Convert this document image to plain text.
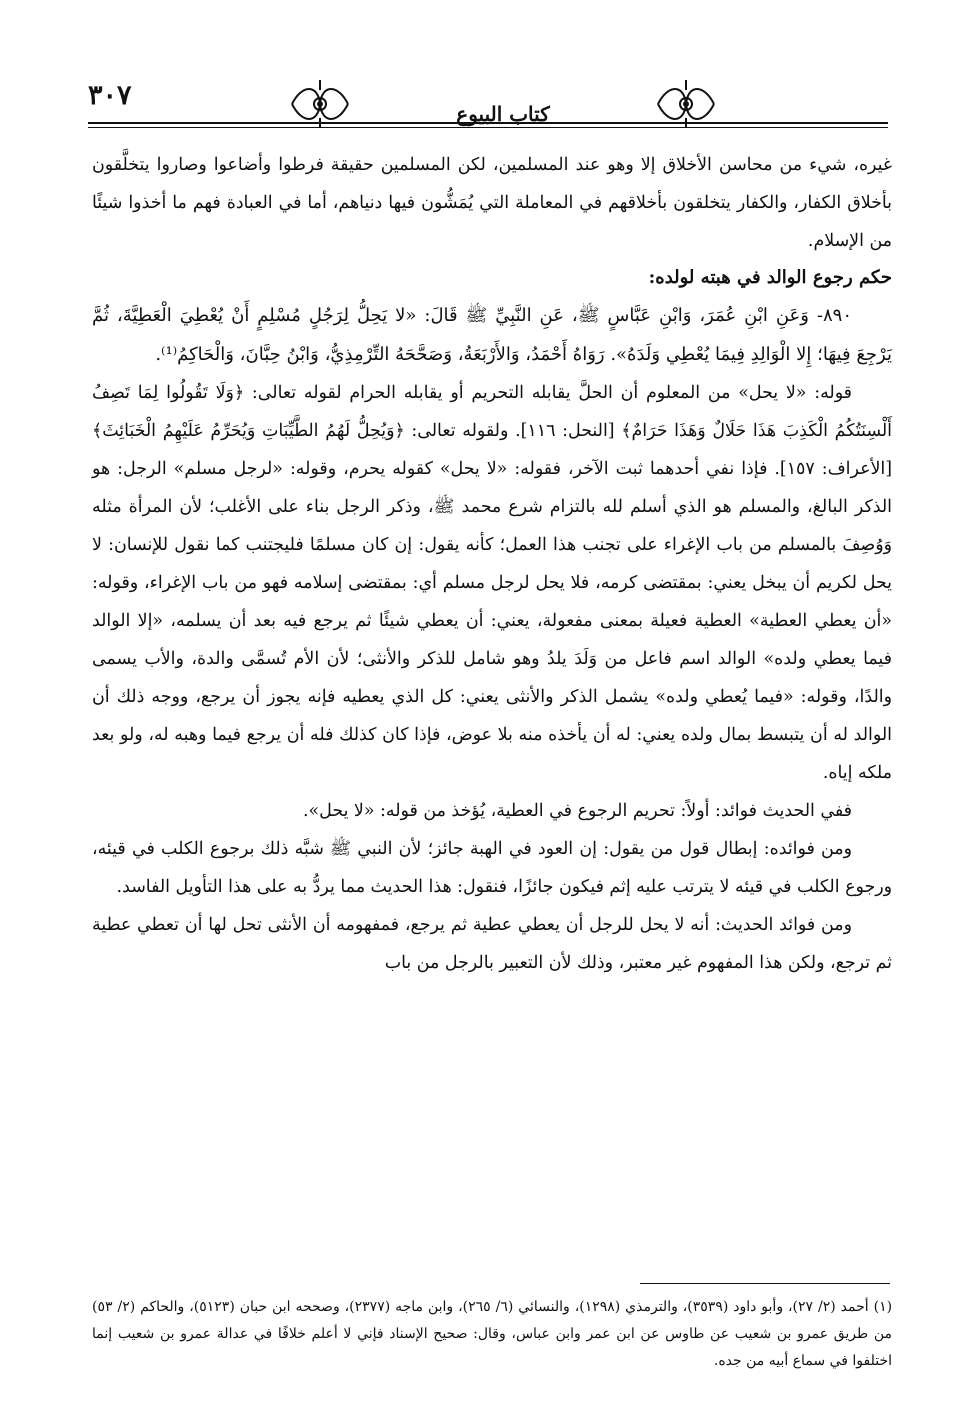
٣٠٧
كتاب البيوع

غيره، شيء من محاسن الأخلاق إلا وهو عند المسلمين، لكن المسلمين حقيقة فرطوا وأضاعوا وصاروا يتخلَّقون بأخلاق الكفار، والكفار يتخلقون بأخلاقهم في المعاملة التي يُمَشُّون فيها دنياهم، أما في العبادة فهم ما أخذوا شيئًا من الإسلام.

حكم رجوع الوالد في هبته لولده:

٨٩٠- وَعَنِ ابْنِ عُمَرَ، وَابْنِ عَبَّاسٍ ﷺ، عَنِ النَّبِيِّ ﷺ قَالَ: «لا يَحِلُّ لِرَجُلٍ مُسْلِمٍ أَنْ يُعْطِيَ الْعَطِيَّةَ، ثُمَّ يَرْجِعَ فِيهَا؛ إِلا الْوَالِدِ فِيمَا يُعْطِي وَلَدَهُ». رَوَاهُ أَحْمَدُ، وَالأَرْبَعَةُ، وَصَحَّحَهُ التِّرْمِذِيُّ، وَابْنُ حِبَّانَ، وَالْحَاكِمُ⁽¹⁾.

قوله: «لا يحل» من المعلوم أن الحلَّ يقابله التحريم أو يقابله الحرام لقوله تعالى: ﴿وَلَا تَقُولُوا لِمَا تَصِفُ أَلْسِنَتُكُمُ الْكَذِبَ هَذَا حَلَالٌ وَهَذَا حَرَامٌ﴾ [النحل: ١١٦]. ولقوله تعالى: ﴿وَيُحِلُّ لَهُمُ الطَّيِّبَاتِ وَيُحَرِّمُ عَلَيْهِمُ الْخَبَائِثَ﴾ [الأعراف: ١٥٧]. فإذا نفي أحدهما ثبت الآخر، فقوله: «لا يحل» كقوله يحرم، وقوله: «لرجل مسلم» الرجل: هو الذكر البالغ، والمسلم هو الذي أسلم لله بالتزام شرع محمد ﷺ، وذكر الرجل بناء على الأغلب؛ لأن المرأة مثله وَوُصِفَ بالمسلم من باب الإغراء على تجنب هذا العمل؛ كأنه يقول: إن كان مسلمًا فليجتنب كما نقول للإنسان: لا يحل لكريم أن يبخل يعني: بمقتضى كرمه، فلا يحل لرجل مسلم أي: بمقتضى إسلامه فهو من باب الإغراء، وقوله: «أن يعطي العطية» العطية فعيلة بمعنى مفعولة، يعني: أن يعطي شيئًا ثم يرجع فيه بعد أن يسلمه، «إلا الوالد فيما يعطي ولده» الوالد اسم فاعل من وَلَدَ يلدُ وهو شامل للذكر والأنثى؛ لأن الأم تُسمَّى والدة، والأب يسمى والدًا، وقوله: «فيما يُعطي ولده» يشمل الذكر والأنثى يعني: كل الذي يعطيه فإنه يجوز أن يرجع، ووجه ذلك أن الوالد له أن يتبسط بمال ولده يعني: له أن يأخذه منه بلا عوض، فإذا كان كذلك فله أن يرجع فيما وهبه له، ولو بعد ملكه إياه.

ففي الحديث فوائد: أولاً: تحريم الرجوع في العطية، يُؤخذ من قوله: «لا يحل».

ومن فوائده: إبطال قول من يقول: إن العود في الهبة جائز؛ لأن النبي ﷺ شبَّه ذلك برجوع الكلب في قيئه، ورجوع الكلب في قيئه لا يترتب عليه إثم فيكون جائزًا، فنقول: هذا الحديث مما يردُّ به على هذا التأويل الفاسد.

ومن فوائد الحديث: أنه لا يحل للرجل أن يعطي عطية ثم يرجع، فمفهومه أن الأنثى تحل لها أن تعطي عطية ثم ترجع، ولكن هذا المفهوم غير معتبر، وذلك لأن التعبير بالرجل من باب

(١) أحمد (٢/ ٢٧)، وأبو داود (٣٥٣٩)، والترمذي (١٢٩٨)، والنسائي (٦/ ٢٦٥)، وابن ماجه (٢٣٧٧)، وصححه ابن حبان (٥١٢٣)، والحاكم (٢/ ٥٣) من طريق عمرو بن شعيب عن طاوس عن ابن عمر وابن عباس، وقال: صحيح الإسناد فإني لا أعلم خلافًا في عدالة عمرو بن شعيب إنما اختلفوا في سماع أبيه من جده.
